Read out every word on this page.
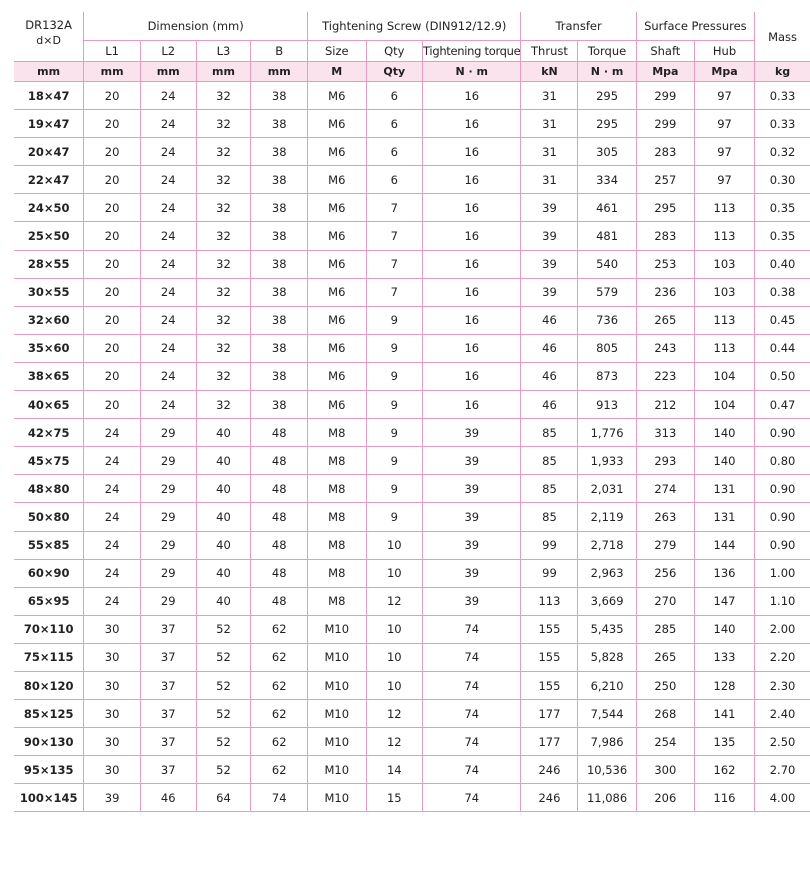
DR132A
d×D	Dimension (mm)				Tightening Screw (DIN912/12.9)			Transfer		Surface Pressures		Mass
	L1	L2	L3	B	Size	Qty	Tightening torque	Thrust	Torque	Shaft	Hub	
mm	mm	mm	mm	mm	M	Qty	N · m	kN	N · m	Mpa	Mpa	kg
18×47	20	24	32	38	M6	6	16	31	295	299	97	0.33
19×47	20	24	32	38	M6	6	16	31	295	299	97	0.33
20×47	20	24	32	38	M6	6	16	31	305	283	97	0.32
22×47	20	24	32	38	M6	6	16	31	334	257	97	0.30
24×50	20	24	32	38	M6	7	16	39	461	295	113	0.35
25×50	20	24	32	38	M6	7	16	39	481	283	113	0.35
28×55	20	24	32	38	M6	7	16	39	540	253	103	0.40
30×55	20	24	32	38	M6	7	16	39	579	236	103	0.38
32×60	20	24	32	38	M6	9	16	46	736	265	113	0.45
35×60	20	24	32	38	M6	9	16	46	805	243	113	0.44
38×65	20	24	32	38	M6	9	16	46	873	223	104	0.50
40×65	20	24	32	38	M6	9	16	46	913	212	104	0.47
42×75	24	29	40	48	M8	9	39	85	1,776	313	140	0.90
45×75	24	29	40	48	M8	9	39	85	1,933	293	140	0.80
48×80	24	29	40	48	M8	9	39	85	2,031	274	131	0.90
50×80	24	29	40	48	M8	9	39	85	2,119	263	131	0.90
55×85	24	29	40	48	M8	10	39	99	2,718	279	144	0.90
60×90	24	29	40	48	M8	10	39	99	2,963	256	136	1.00
65×95	24	29	40	48	M8	12	39	113	3,669	270	147	1.10
70×110	30	37	52	62	M10	10	74	155	5,435	285	140	2.00
75×115	30	37	52	62	M10	10	74	155	5,828	265	133	2.20
80×120	30	37	52	62	M10	10	74	155	6,210	250	128	2.30
85×125	30	37	52	62	M10	12	74	177	7,544	268	141	2.40
90×130	30	37	52	62	M10	12	74	177	7,986	254	135	2.50
95×135	30	37	52	62	M10	14	74	246	10,536	300	162	2.70
100×145	39	46	64	74	M10	15	74	246	11,086	206	116	4.00
